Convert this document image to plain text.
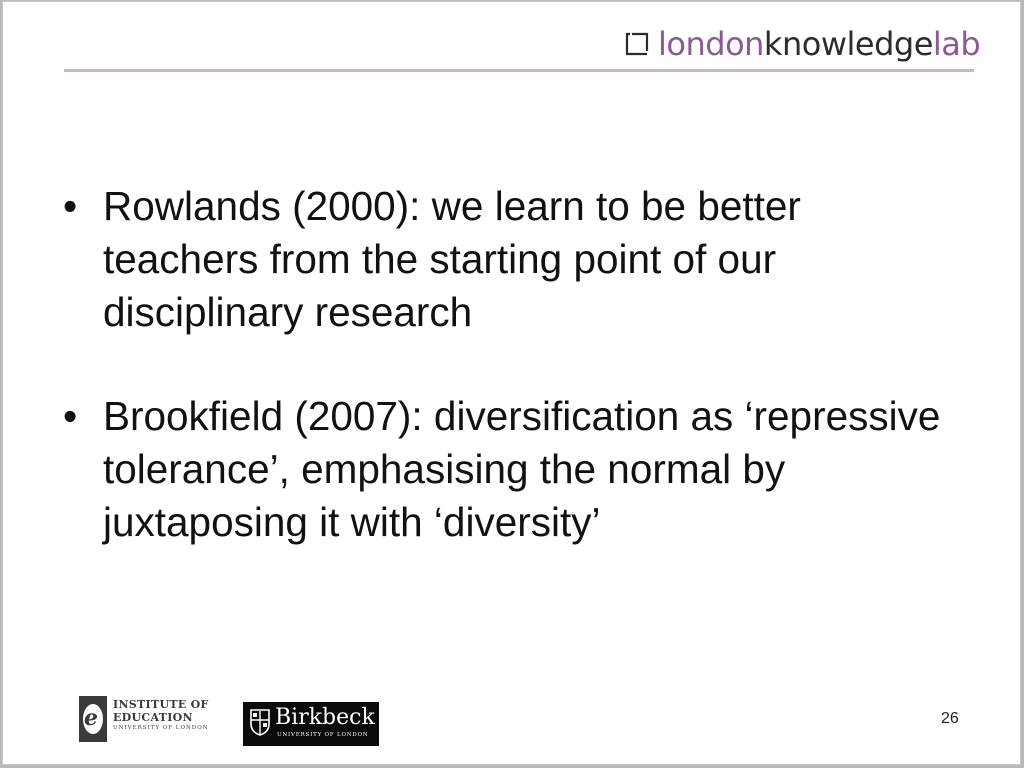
london knowledge lab
• Rowlands (2000): we learn to be better teachers from the starting point of our disciplinary research
• Brookfield (2007): diversification as ‘repressive tolerance’, emphasising the normal by juxtaposing it with ‘diversity’
e
INSTITUTE OF
EDUCATION
UNIVERSITY OF LONDON	Birkbeck
UNIVERSITY OF LONDON
26
